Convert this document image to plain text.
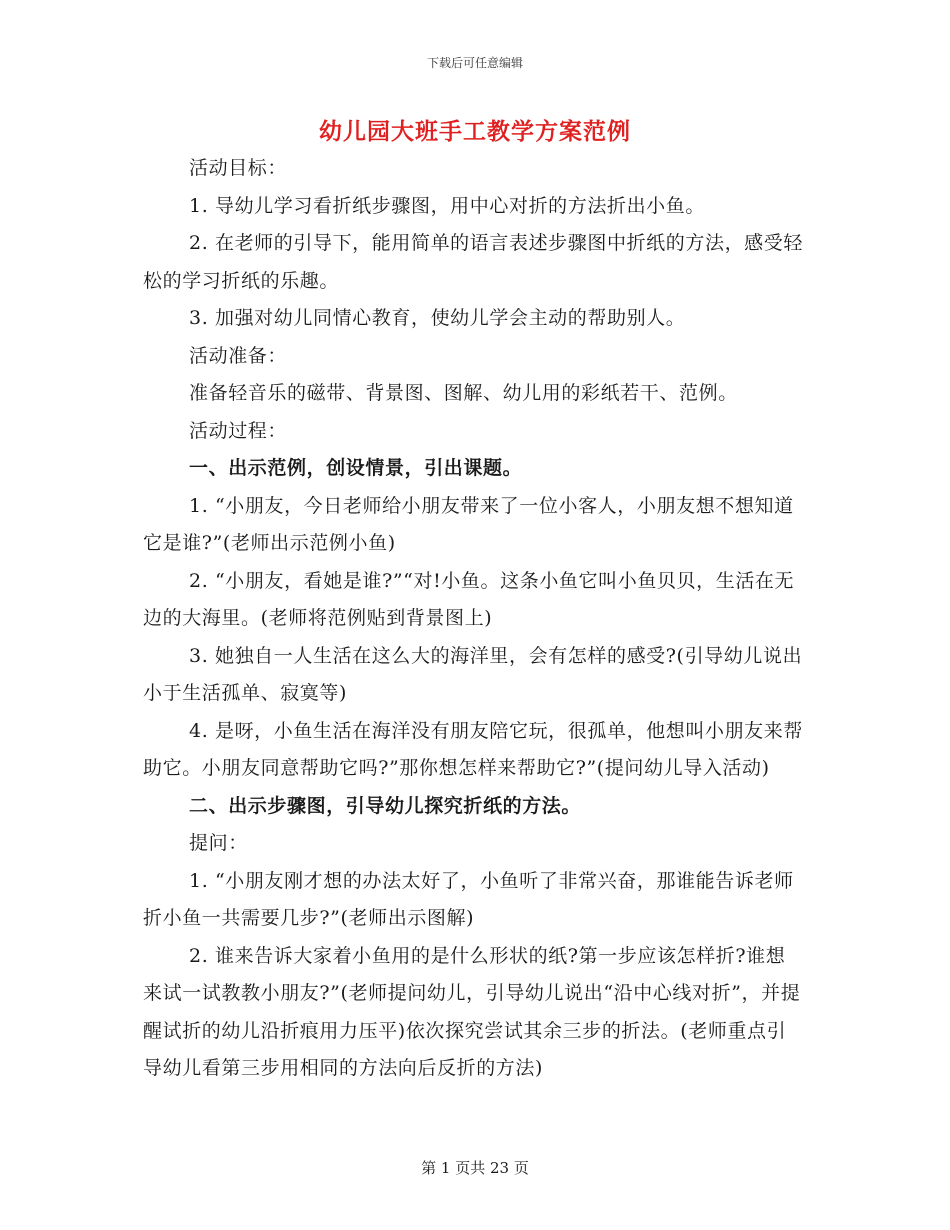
下载后可任意编辑
幼儿园大班手工教学方案范例

活动目标：

1. 导幼儿学习看折纸步骤图，用中心对折的方法折出小鱼。

2. 在老师的引导下，能用简单的语言表述步骤图中折纸的方法，感受轻松的学习折纸的乐趣。

3. 加强对幼儿同情心教育，使幼儿学会主动的帮助别人。

活动准备：

准备轻音乐的磁带、背景图、图解、幼儿用的彩纸若干、范例。

活动过程：

一、出示范例，创设情景，引出课题。

1. “小朋友，今日老师给小朋友带来了一位小客人，小朋友想不想知道它是谁?”(老师出示范例小鱼)

2. “小朋友，看她是谁?”“对!小鱼。这条小鱼它叫小鱼贝贝，生活在无边的大海里。(老师将范例贴到背景图上)

3. 她独自一人生活在这么大的海洋里，会有怎样的感受?(引导幼儿说出小于生活孤单、寂寞等)

4. 是呀，小鱼生活在海洋没有朋友陪它玩，很孤单，他想叫小朋友来帮助它。小朋友同意帮助它吗?”那你想怎样来帮助它?”(提问幼儿导入活动)

二、出示步骤图，引导幼儿探究折纸的方法。

提问：

1. “小朋友刚才想的办法太好了，小鱼听了非常兴奋，那谁能告诉老师折小鱼一共需要几步?”(老师出示图解)

2. 谁来告诉大家着小鱼用的是什么形状的纸?第一步应该怎样折?谁想来试一试教教小朋友?”(老师提问幼儿，引导幼儿说出“沿中心线对折”，并提醒试折的幼儿沿折痕用力压平)依次探究尝试其余三步的折法。(老师重点引导幼儿看第三步用相同的方法向后反折的方法)

第 1 页共 23 页
